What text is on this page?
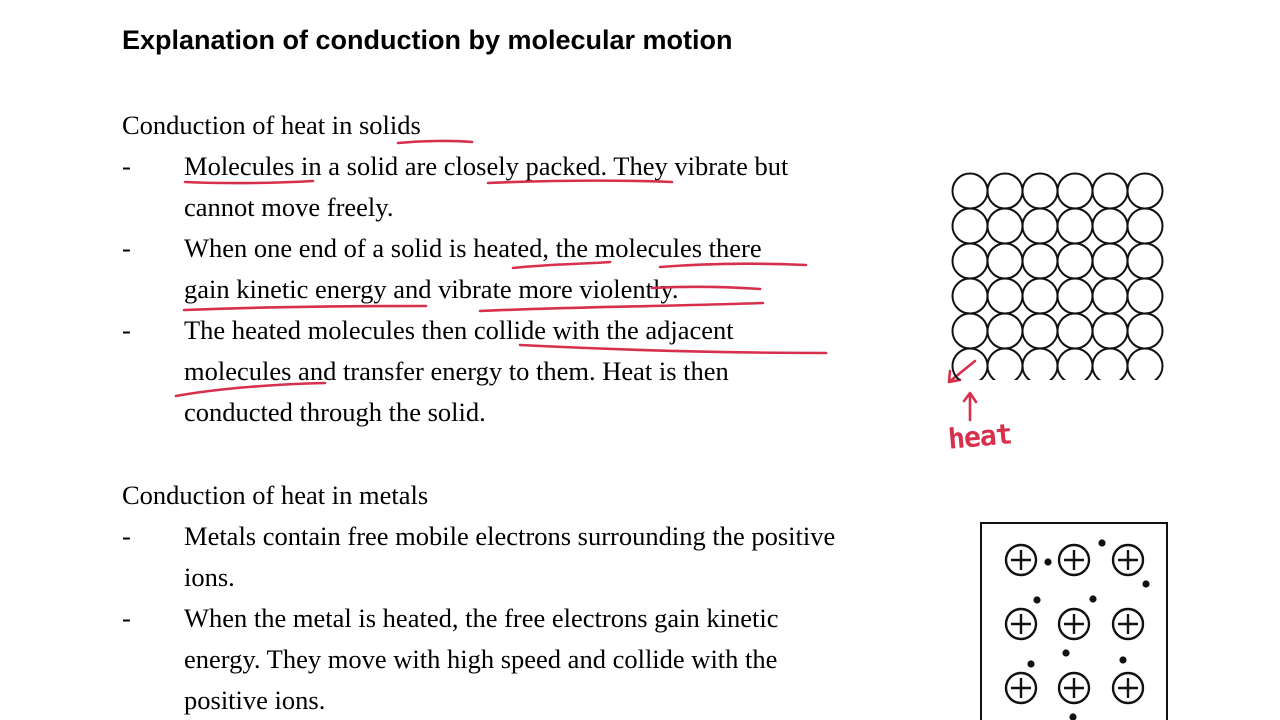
Explanation of conduction by molecular motion
Conduction of heat in solids
- Molecules in a solid are closely packed. They vibrate but
cannot move freely.
- When one end of a solid is heated, the molecules there
gain kinetic energy and vibrate more violently.
- The heated molecules then collide with the adjacent
molecules and transfer energy to them. Heat is then
conducted through the solid.
Conduction of heat in metals
- Metals contain free mobile electrons surrounding the positive
ions.
- When the metal is heated, the free electrons gain kinetic
energy. They move with high speed and collide with the
positive ions.
heat
